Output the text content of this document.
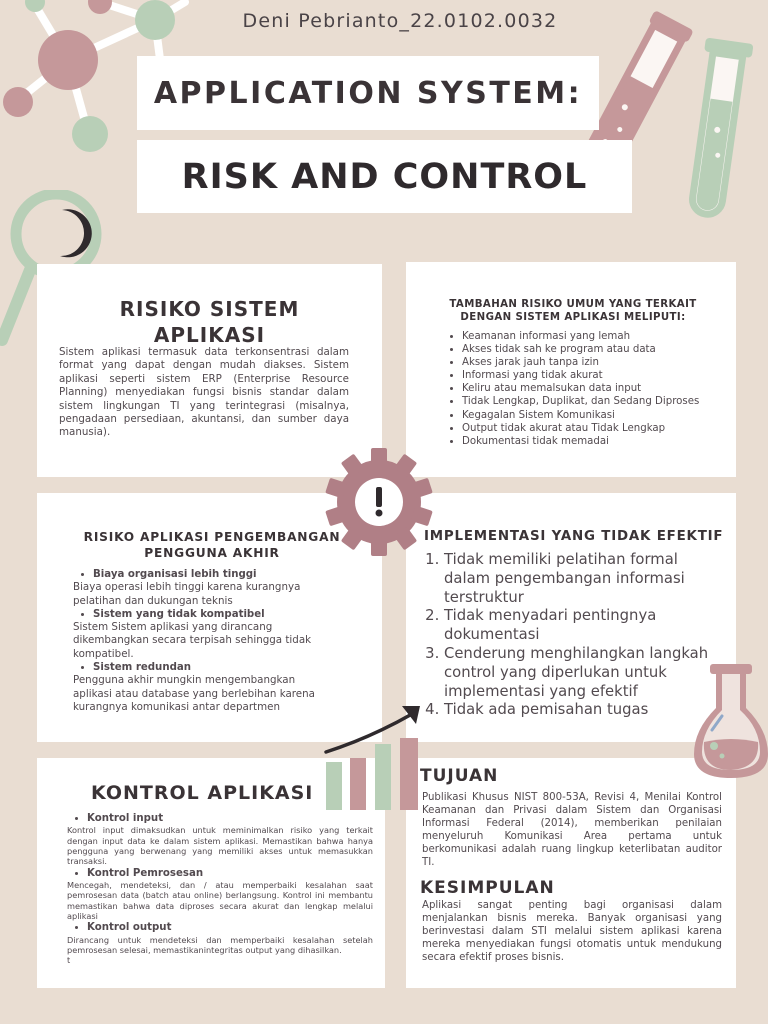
Deni Pebrianto_22.0102.0032
APPLICATION SYSTEM:
RISK AND CONTROL
RISIKO SISTEM
APLIKASI

Sistem aplikasi termasuk data terkonsentrasi dalam format yang dapat dengan mudah diakses. Sistem aplikasi seperti sistem ERP (Enterprise Resource Planning) menyediakan fungsi bisnis standar dalam sistem lingkungan TI yang terintegrasi (misalnya, pengadaan persediaan, akuntansi, dan sumber daya manusia).

TAMBAHAN RISIKO UMUM YANG TERKAIT DENGAN SISTEM APLIKASI MELIPUTI:
• Keamanan informasi yang lemah
• Akses tidak sah ke program atau data
• Akses jarak jauh tanpa izin
• Informasi yang tidak akurat
• Keliru atau memalsukan data input
• Tidak Lengkap, Duplikat, dan Sedang Diproses
• Kegagalan Sistem Komunikasi
• Output tidak akurat atau Tidak Lengkap
• Dokumentasi tidak memadai
RISIKO APLIKASI PENGEMBANGAN PENGGUNA AKHIR
• Biaya organisasi lebih tinggi

Biaya operasi lebih tinggi karena kurangnya pelatihan dan dukungan teknis

• Sistem yang tidak kompatibel

Sistem Sistem aplikasi yang dirancang dikembangkan secara terpisah sehingga tidak kompatibel.

• Sistem redundan

Pengguna akhir mungkin mengembangkan aplikasi atau database yang berlebihan karena kurangnya komunikasi antar departmen

IMPLEMENTASI YANG TIDAK EFEKTIF
1. Tidak memiliki pelatihan formal dalam pengembangan informasi terstruktur
2. Tidak menyadari pentingnya dokumentasi
3. Cenderung menghilangkan langkah control yang diperlukan untuk implementasi yang efektif
4. Tidak ada pemisahan tugas
KONTROL APLIKASI
• Kontrol input

Kontrol input dimaksudkan untuk meminimalkan risiko yang terkait dengan input data ke dalam sistem aplikasi. Memastikan bahwa hanya pengguna yang berwenang yang memiliki akses untuk memasukkan transaksi.

• Kontrol Pemrosesan

Mencegah, mendeteksi, dan / atau memperbaiki kesalahan saat pemrosesan data (batch atau online) berlangsung. Kontrol ini membantu memastikan bahwa data diproses secara akurat dan lengkap melalui aplikasi

• Kontrol output

Dirancang untuk mendeteksi dan memperbaiki kesalahan setelah pemrosesan selesai, memastikanintegritas output yang dihasilkan.

t

TUJUAN

Publikasi Khusus NIST 800-53A, Revisi 4, Menilai Kontrol Keamanan dan Privasi dalam Sistem dan Organisasi Informasi Federal (2014), memberikan penilaian menyeluruh Komunikasi Area pertama untuk berkomunikasi adalah ruang lingkup keterlibatan auditor TI.

KESIMPULAN

Aplikasi sangat penting bagi organisasi dalam menjalankan bisnis mereka. Banyak organisasi yang berinvestasi dalam STI melalui sistem aplikasi karena mereka menyediakan fungsi otomatis untuk mendukung secara efektif proses bisnis.
